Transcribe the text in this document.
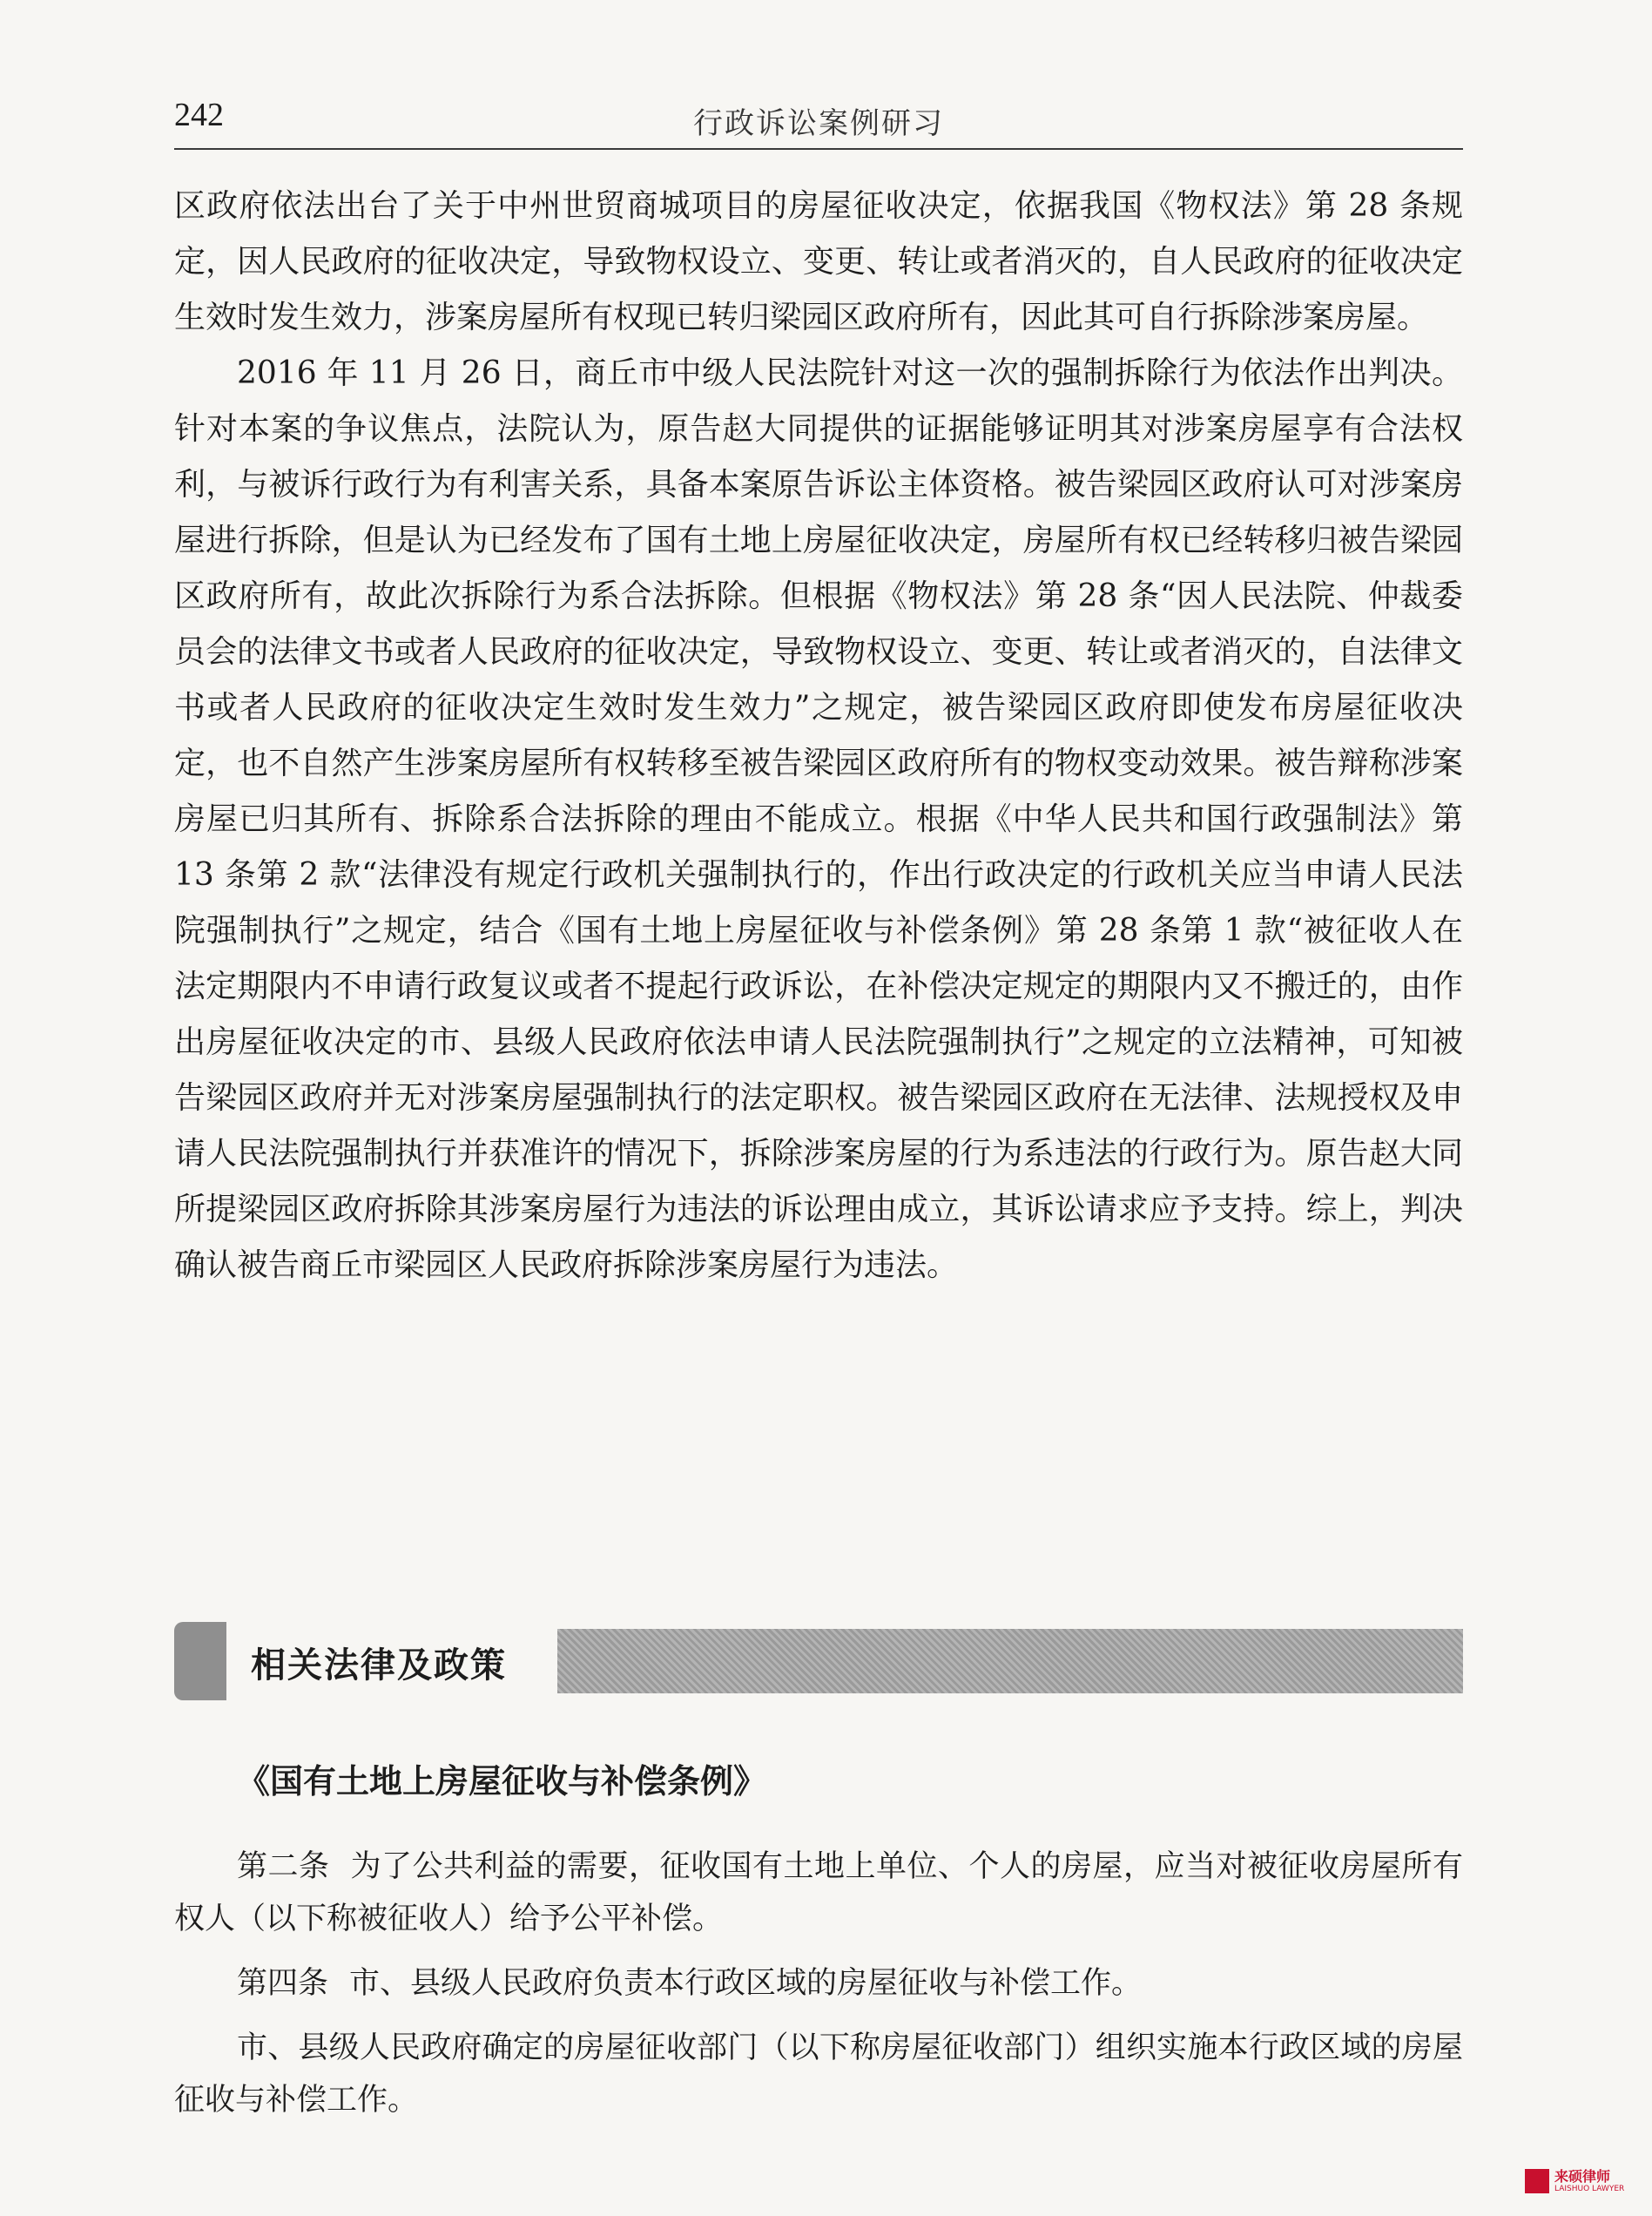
242	行政诉讼案例研习

区政府依法出台了关于中州世贸商城项目的房屋征收决定，依据我国《物权法》第 28 条规定，因人民政府的征收决定，导致物权设立、变更、转让或者消灭的，自人民政府的征收决定生效时发生效力，涉案房屋所有权现已转归梁园区政府所有，因此其可自行拆除涉案房屋。

2016 年 11 月 26 日，商丘市中级人民法院针对这一次的强制拆除行为依法作出判决。针对本案的争议焦点，法院认为，原告赵大同提供的证据能够证明其对涉案房屋享有合法权利，与被诉行政行为有利害关系，具备本案原告诉讼主体资格。被告梁园区政府认可对涉案房屋进行拆除，但是认为已经发布了国有土地上房屋征收决定，房屋所有权已经转移归被告梁园区政府所有，故此次拆除行为系合法拆除。但根据《物权法》第 28 条“因人民法院、仲裁委员会的法律文书或者人民政府的征收决定，导致物权设立、变更、转让或者消灭的，自法律文书或者人民政府的征收决定生效时发生效力”之规定，被告梁园区政府即使发布房屋征收决定，也不自然产生涉案房屋所有权转移至被告梁园区政府所有的物权变动效果。被告辩称涉案房屋已归其所有、拆除系合法拆除的理由不能成立。根据《中华人民共和国行政强制法》第 13 条第 2 款“法律没有规定行政机关强制执行的，作出行政决定的行政机关应当申请人民法院强制执行”之规定，结合《国有土地上房屋征收与补偿条例》第 28 条第 1 款“被征收人在法定期限内不申请行政复议或者不提起行政诉讼，在补偿决定规定的期限内又不搬迁的，由作出房屋征收决定的市、县级人民政府依法申请人民法院强制执行”之规定的立法精神，可知被告梁园区政府并无对涉案房屋强制执行的法定职权。被告梁园区政府在无法律、法规授权及申请人民法院强制执行并获准许的情况下，拆除涉案房屋的行为系违法的行政行为。原告赵大同所提梁园区政府拆除其涉案房屋行为违法的诉讼理由成立，其诉讼请求应予支持。综上，判决确认被告商丘市梁园区人民政府拆除涉案房屋行为违法。

相关法律及政策

《国有土地上房屋征收与补偿条例》

第二条 为了公共利益的需要，征收国有土地上单位、个人的房屋，应当对被征收房屋所有权人（以下称被征收人）给予公平补偿。

第四条 市、县级人民政府负责本行政区域的房屋征收与补偿工作。

市、县级人民政府确定的房屋征收部门（以下称房屋征收部门）组织实施本行政区域的房屋征收与补偿工作。

来硕律师
LAISHUO LAWYER
